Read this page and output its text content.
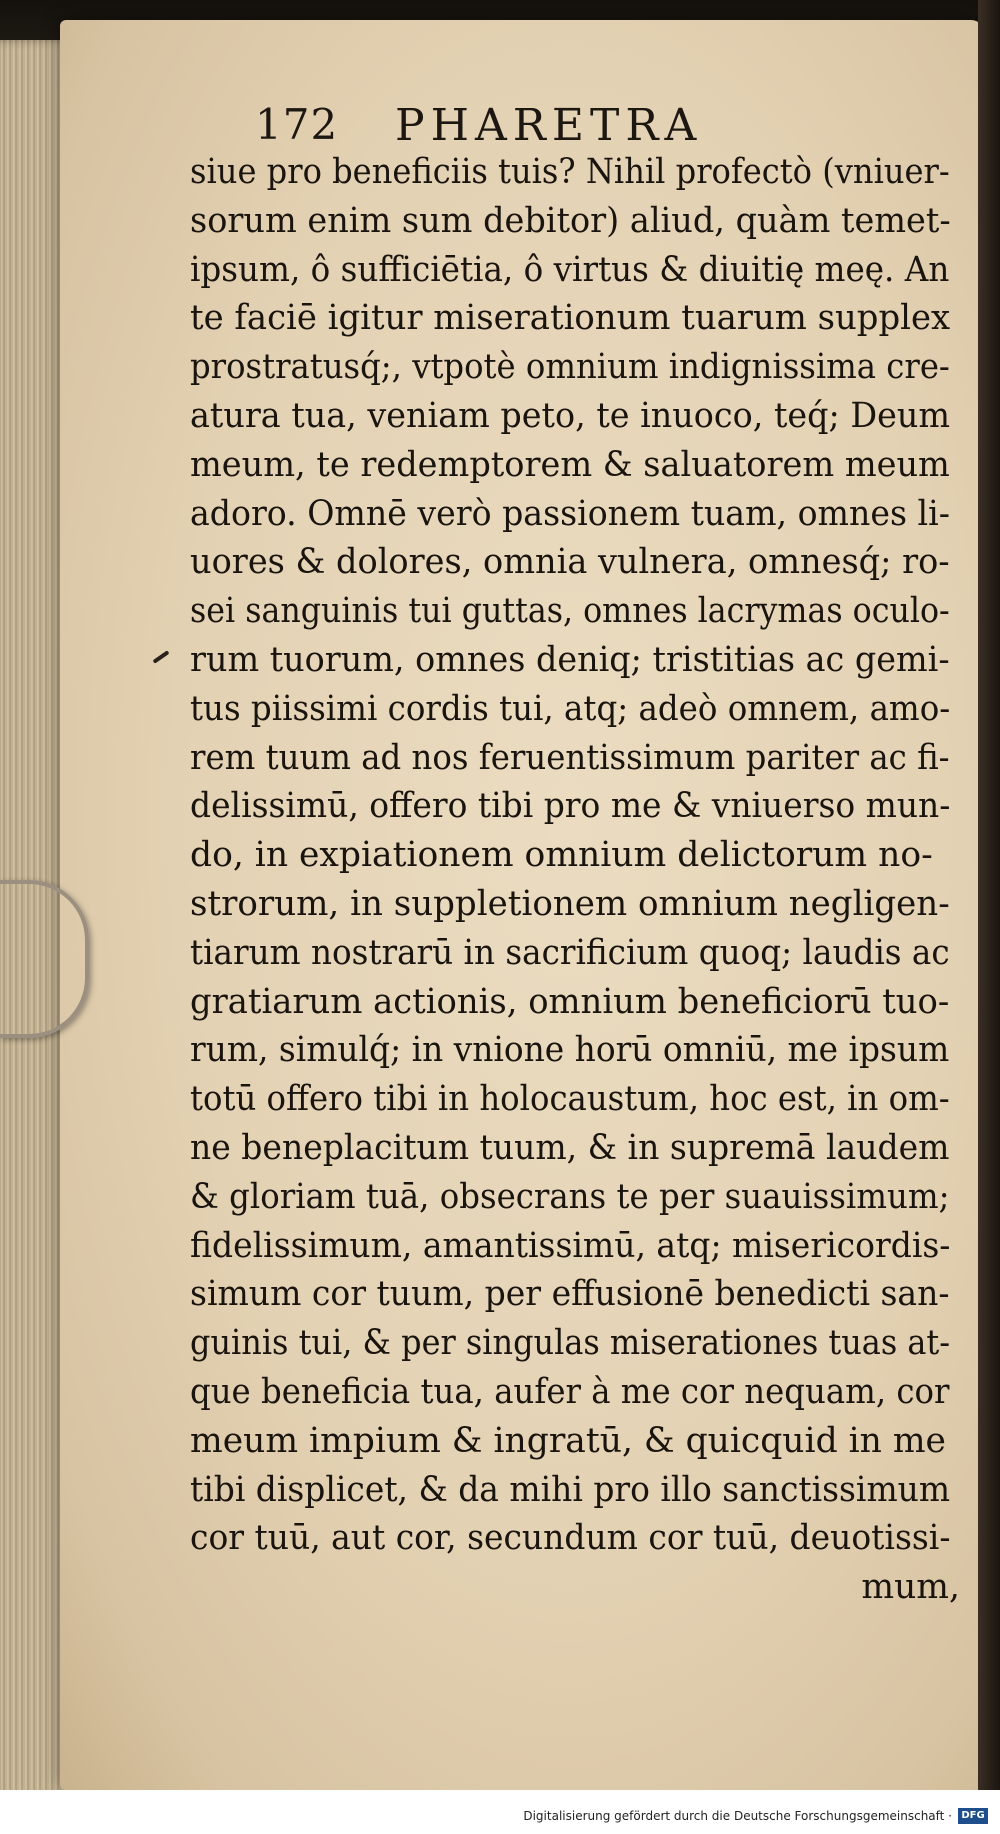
172 PHARETRA
siue pro beneficiis tuis? Nihil profectò (vniuer-
sorum enim sum debitor) aliud, quàm temet-
ipsum, ô sufficiētia, ô virtus & diuitię meę. An
te faciē igitur miserationum tuarum supplex
prostratusq́;, vtpotè omnium indignissima cre-
atura tua, veniam peto, te inuoco, teq́; Deum
meum, te redemptorem & saluatorem meum
adoro. Omnē verò passionem tuam, omnes li-
uores & dolores, omnia vulnera, omnesq́; ro-
sei sanguinis tui guttas, omnes lacrymas oculo-
rum tuorum, omnes deniq; tristitias ac gemi-
tus piissimi cordis tui, atq; adeò omnem, amo-
rem tuum ad nos feruentissimum pariter ac fi-
delissimū, offero tibi pro me & vniuerso mun-
do, in expiationem omnium delictorum no-
strorum, in suppletionem omnium negligen-
tiarum nostrarū in sacrificium quoq; laudis ac
gratiarum actionis, omnium beneficiorū tuo-
rum, simulq́; in vnione horū omniū, me ipsum
totū offero tibi in holocaustum, hoc est, in om-
ne beneplacitum tuum, & in supremā laudem
& gloriam tuā, obsecrans te per suauissimum;
fidelissimum, amantissimū, atq; misericordis-
simum cor tuum, per effusionē benedicti san-
guinis tui, & per singulas miserationes tuas at-
que beneficia tua, aufer à me cor nequam, cor
meum impium & ingratū, & quicquid in me
tibi displicet, & da mihi pro illo sanctissimum
cor tuū, aut cor, secundum cor tuū, deuotissi-
mum,
Digitalisierung gefördert durch die Deutsche Forschungsgemeinschaft · DFG
